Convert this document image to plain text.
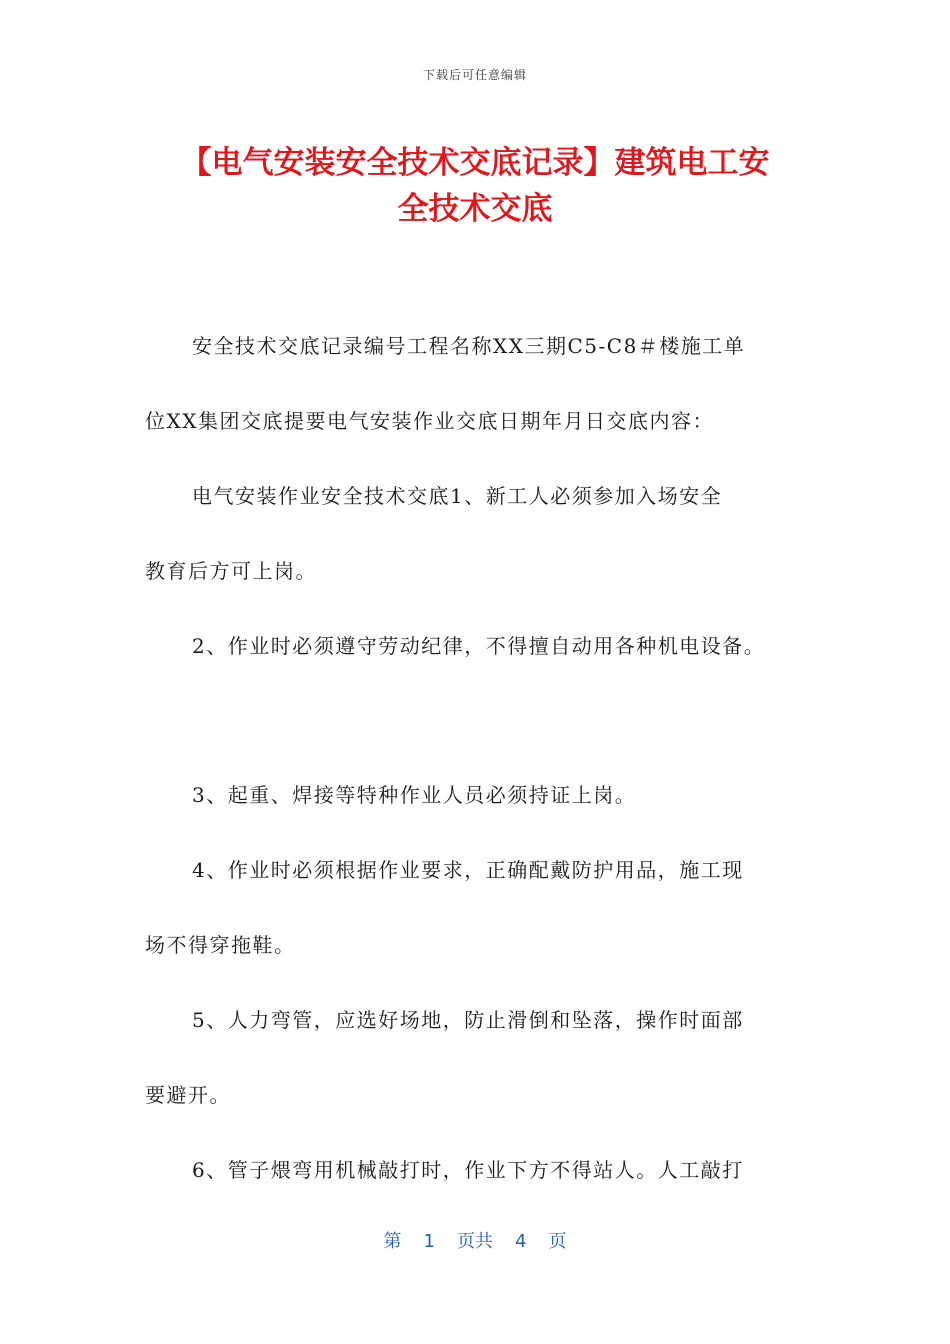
下载后可任意编辑
【电气安装安全技术交底记录】建筑电工安
全技术交底
安全技术交底记录编号工程名称XX三期C5-C8＃楼施工单
位XX集团交底提要电气安装作业交底日期年月日交底内容：
电气安装作业安全技术交底1、新工人必须参加入场安全
教育后方可上岗。
2、作业时必须遵守劳动纪律，不得擅自动用各种机电设备。
3、起重、焊接等特种作业人员必须持证上岗。
4、作业时必须根据作业要求，正确配戴防护用品，施工现
场不得穿拖鞋。
5、人力弯管，应选好场地，防止滑倒和坠落，操作时面部
要避开。
6、管子煨弯用机械敲打时，作业下方不得站人。人工敲打
第 1 页共 4 页
